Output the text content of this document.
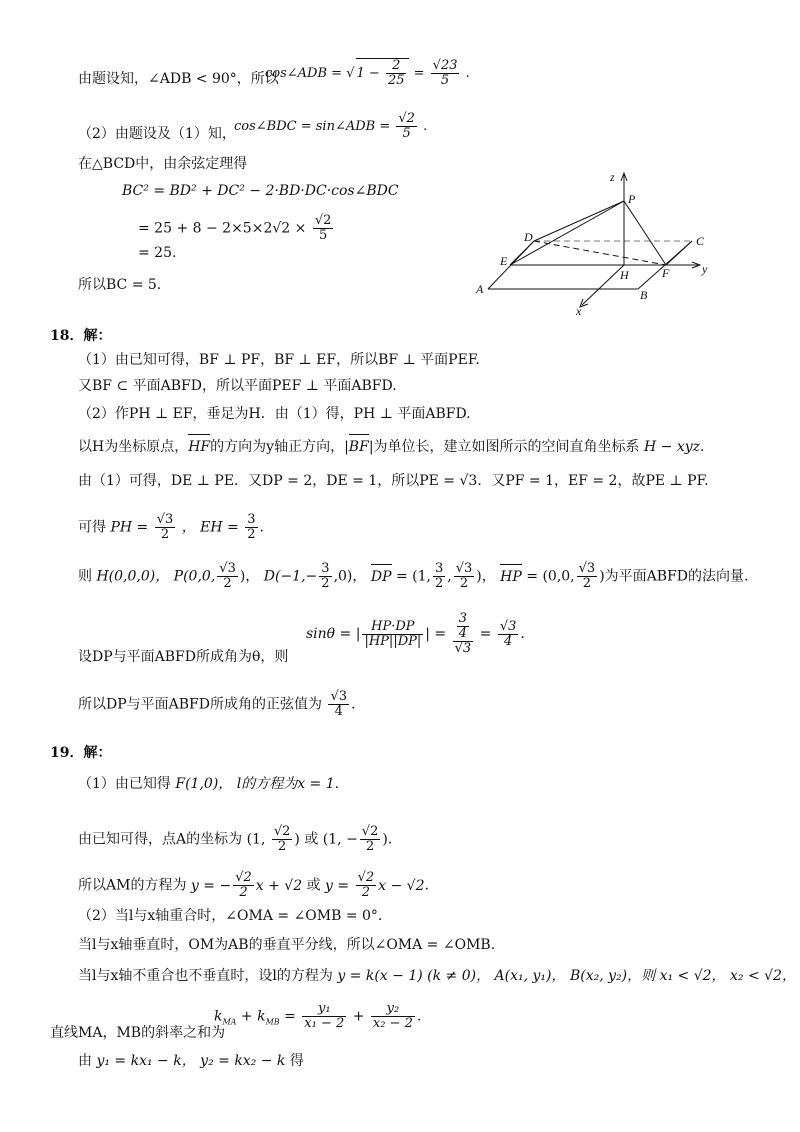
由题设知，∠ADB < 90°，所以
cos∠ADB = √ $1 - \frac{2}{25} = \frac{√23}{5}$ .
（2）由题设及（1）知，
cos∠BDC = sin∠ADB = $\frac{√2}{5}$ .
在△BCD中，由余弦定理得
BC² = BD² + DC² − 2·BD·DC·cos∠BDC
= $25 + 8 - 2\times 5\times 2√2 \times \frac{√2}{5}$
= 25.
所以BC = 5.
z
P
D	C
E
H	F	y
A	B
x
18．解：
（1）由已知可得，BF ⊥ PF，BF ⊥ EF，所以BF ⊥ 平面PEF.
又BF ⊂ 平面ABFD，所以平面PEF ⊥ 平面ABFD.
（2）作PH ⊥ EF，垂足为H．由（1）得，PH ⊥ 平面ABFD.
以H为坐标原点，HF的方向为y轴正方向，|BF|为单位长，建立如图所示的空间直角坐标系 H − xyz.
由（1）可得，DE ⊥ PE．又DP = 2，DE = 1，所以PE = √3．又PF = 1，EF = 2，故PE ⊥ PF.
可得 PH = $\frac{√3}{2}$ ， EH = $\frac{3}{2}$ .
则 H(0,0,0)， P(0,0, $\frac{√3}{2}$ )， $D(-1,- \frac{3}{2} ,0)$， DP = (1, $\frac{3}{2}$ , $\frac{√3}{2}$ )， HP = (0,0, $\frac{√3}{2}$ )为平面ABFD的法向量.
设DP与平面ABFD所成角为θ，则
sinθ = | $\frac{HP\cdot DP}{|HP||DP|}$ | = $\frac{\frac{3}{4}}{√3} = \frac{√3}{4}$ .
所以DP与平面ABFD所成角的正弦值为 $\frac{√3}{4}$ .
19．解：
（1）由已知得 F(1,0)， l的方程为x = 1.
由已知可得，点A的坐标为 (1, $\frac{√2}{2}$ ) 或 (1, − $\frac{√2}{2}$ ).
所以AM的方程为 y = − $\frac{√2}{2}$ x + √2 或 $y = \frac{√2}{2}$ x − √2.
（2）当l与x轴重合时，∠OMA = ∠OMB = 0°.
当l与x轴垂直时，OM为AB的垂直平分线，所以∠OMA = ∠OMB.
当l与x轴不重合也不垂直时，设l的方程为 y = k(x − 1) (k ≠ 0)， A(x₁, y₁)， B(x₂, y₂)，则 x₁ < √2， x₂ < √2，
直线MA，MB的斜率之和为
$k_{MA} + k_{MB} = \frac{\text{y₁}}{\text{x₁ − 2}} + \frac{\text{y₂}}{\text{x₂ − 2}}$ .
由 y₁ = kx₁ − k， y₂ = kx₂ − k 得
